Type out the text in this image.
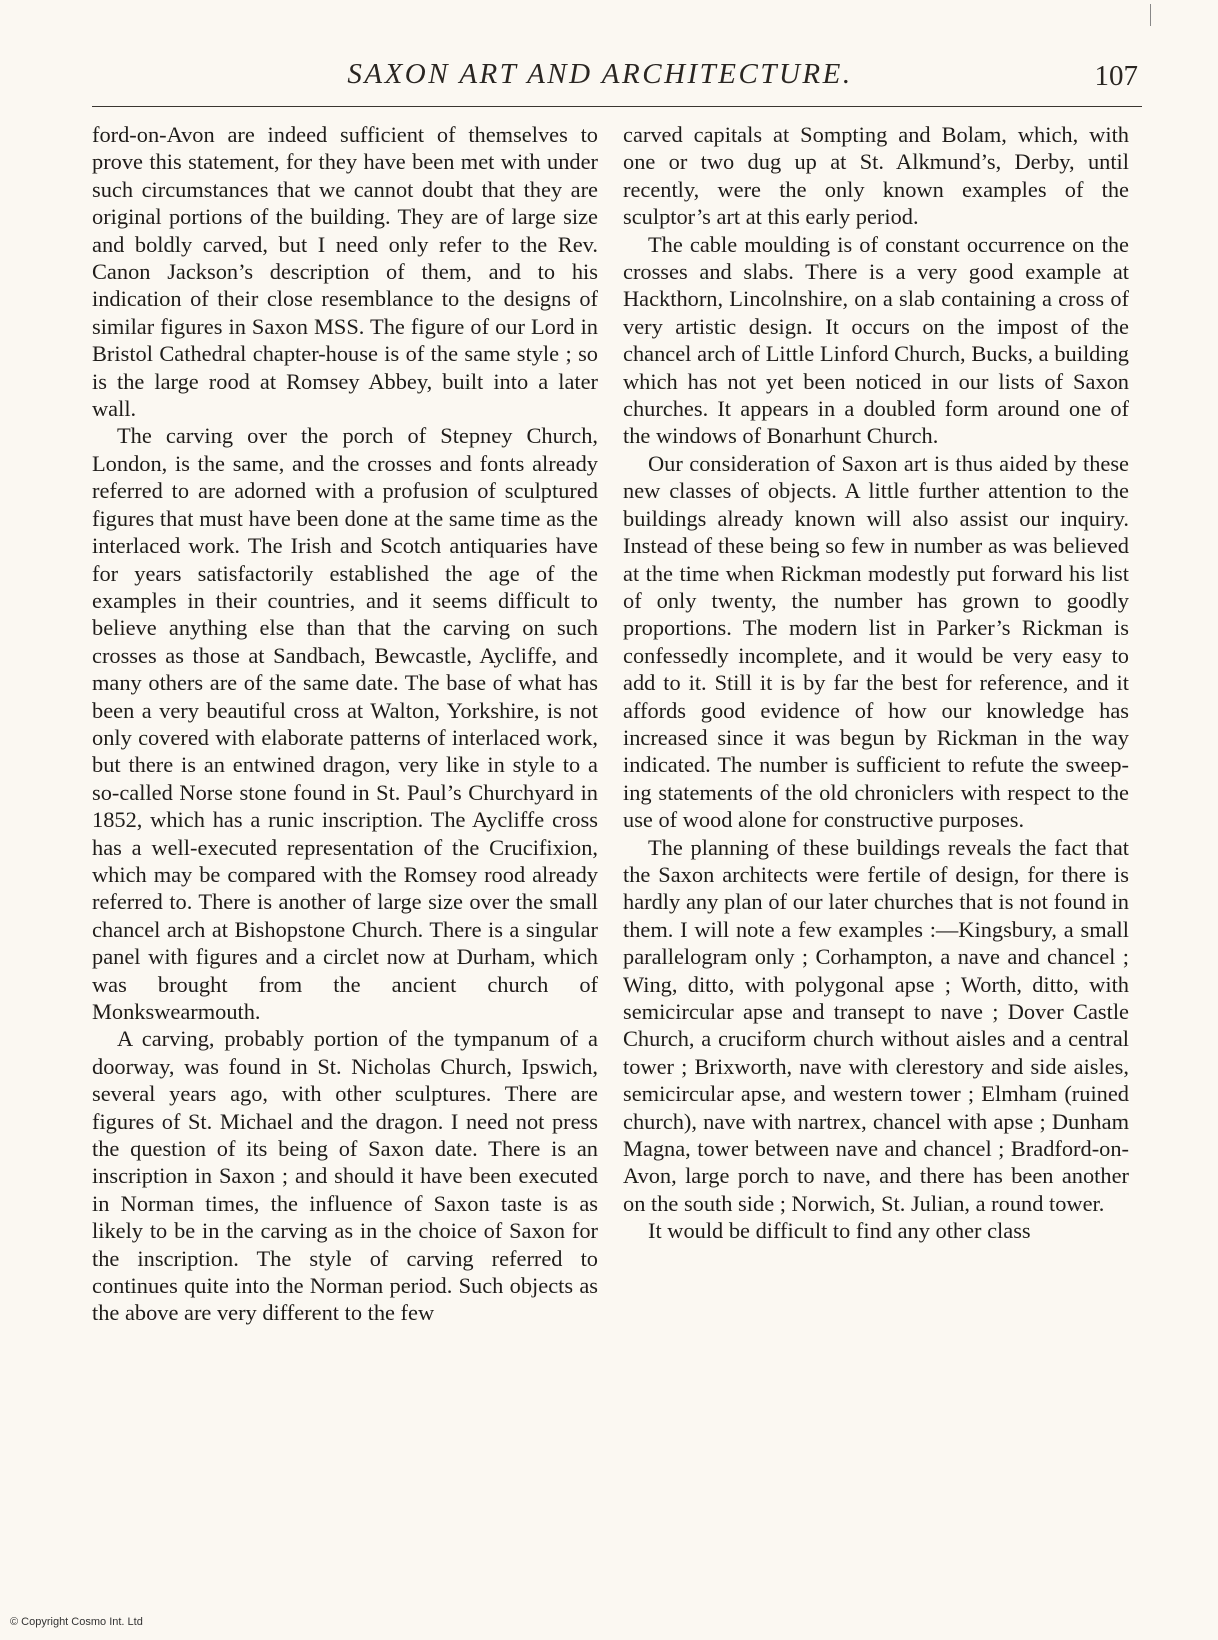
SAXON ART AND ARCHITECTURE.	107

ford-on-Avon are indeed sufficient of themselves to prove this statement, for they have been met with under such circumstances that we cannot doubt that they are original portions of the building. They are of large size and boldly carved, but I need only refer to the Rev. Canon Jackson’s description of them, and to his indication of their close resemblance to the designs of similar figures in Saxon MSS. The figure of our Lord in Bristol Cathedral chapter-house is of the same style ; so is the large rood at Romsey Abbey, built into a later wall.

The carving over the porch of Stepney Church, London, is the same, and the crosses and fonts already referred to are adorned with a profusion of sculptured figures that must have been done at the same time as the interlaced work. The Irish and Scotch antiquaries have for years satisfactorily established the age of the examples in their countries, and it seems difficult to believe anything else than that the carving on such crosses as those at Sandbach, Bewcastle, Aycliffe, and many others are of the same date. The base of what has been a very beautiful cross at Walton, Yorkshire, is not only covered with elaborate patterns of interlaced work, but there is an entwined dragon, very like in style to a so-called Norse stone found in St. Paul’s Churchyard in 1852, which has a runic inscription. The Aycliffe cross has a well-executed representation of the Crucifixion, which may be compared with the Romsey rood already referred to. There is another of large size over the small chancel arch at Bishopstone Church. There is a singular panel with figures and a circlet now at Durham, which was brought from the ancient church of Monkswearmouth.

A carving, probably portion of the tympanum of a doorway, was found in St. Nicholas Church, Ipswich, several years ago, with other sculptures. There are figures of St. Michael and the dragon. I need not press the question of its being of Saxon date. There is an inscription in Saxon ; and should it have been executed in Norman times, the influence of Saxon taste is as likely to be in the carving as in the choice of Saxon for the inscription. The style of carving referred to continues quite into the Norman period. Such objects as the above are very different to the few

carved capitals at Sompting and Bolam, which, with one or two dug up at St. Alkmund’s, Derby, until recently, were the only known examples of the sculptor’s art at this early period.

The cable moulding is of constant occurrence on the crosses and slabs. There is a very good example at Hackthorn, Lincolnshire, on a slab containing a cross of very artistic design. It occurs on the impost of the chancel arch of Little Linford Church, Bucks, a building which has not yet been noticed in our lists of Saxon churches. It appears in a doubled form around one of the windows of Bonarhunt Church.

Our consideration of Saxon art is thus aided by these new classes of objects. A little further attention to the buildings already known will also assist our inquiry. Instead of these being so few in number as was believed at the time when Rickman modestly put forward his list of only twenty, the number has grown to goodly proportions. The modern list in Parker’s Rickman is confessedly incomplete, and it would be very easy to add to it. Still it is by far the best for reference, and it affords good evidence of how our knowledge has increased since it was begun by Rickman in the way indicated. The number is sufficient to refute the sweeping statements of the old chroniclers with respect to the use of wood alone for constructive purposes.

The planning of these buildings reveals the fact that the Saxon architects were fertile of design, for there is hardly any plan of our later churches that is not found in them. I will note a few examples :—Kingsbury, a small parallelogram only ; Corhampton, a nave and chancel ; Wing, ditto, with polygonal apse ; Worth, ditto, with semicircular apse and transept to nave ; Dover Castle Church, a cruciform church without aisles and a central tower ; Brixworth, nave with clerestory and side aisles, semicircular apse, and western tower ; Elmham (ruined church), nave with nartrex, chancel with apse ; Dunham Magna, tower between nave and chancel ; Bradford-on-Avon, large porch to nave, and there has been another on the south side ; Norwich, St. Julian, a round tower.

It would be difficult to find any other class

© Copyright Cosmo Int. Ltd
